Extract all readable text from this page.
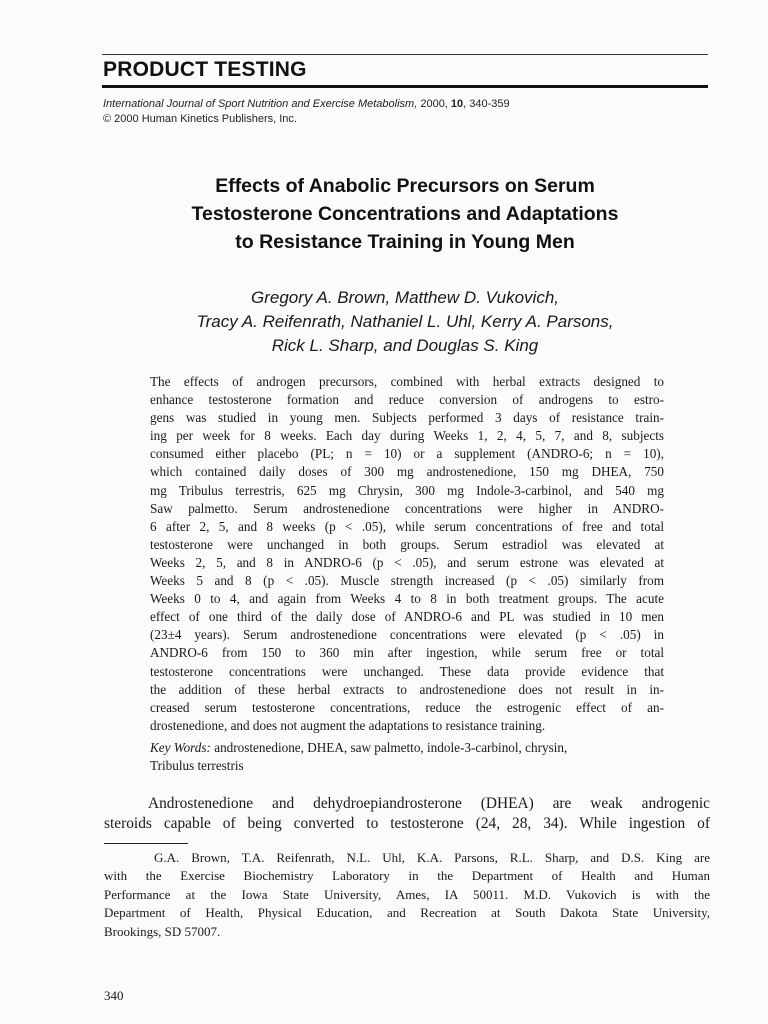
PRODUCT TESTING
International Journal of Sport Nutrition and Exercise Metabolism, 2000, 10, 340-359
© 2000 Human Kinetics Publishers, Inc.
Effects of Anabolic Precursors on Serum
Testosterone Concentrations and Adaptations
to Resistance Training in Young Men
Gregory A. Brown, Matthew D. Vukovich,
Tracy A. Reifenrath, Nathaniel L. Uhl, Kerry A. Parsons,
Rick L. Sharp, and Douglas S. King
The effects of androgen precursors, combined with herbal extracts designed to
enhance testosterone formation and reduce conversion of androgens to estro-
gens was studied in young men. Subjects performed 3 days of resistance train-
ing per week for 8 weeks. Each day during Weeks 1, 2, 4, 5, 7, and 8, subjects
consumed either placebo (PL; n = 10) or a supplement (ANDRO-6; n = 10),
which contained daily doses of 300 mg androstenedione, 150 mg DHEA, 750
mg Tribulus terrestris, 625 mg Chrysin, 300 mg Indole-3-carbinol, and 540 mg
Saw palmetto. Serum androstenedione concentrations were higher in ANDRO-
6 after 2, 5, and 8 weeks (p < .05), while serum concentrations of free and total
testosterone were unchanged in both groups. Serum estradiol was elevated at
Weeks 2, 5, and 8 in ANDRO-6 (p < .05), and serum estrone was elevated at
Weeks 5 and 8 (p < .05). Muscle strength increased (p < .05) similarly from
Weeks 0 to 4, and again from Weeks 4 to 8 in both treatment groups. The acute
effect of one third of the daily dose of ANDRO-6 and PL was studied in 10 men
(23±4 years). Serum androstenedione concentrations were elevated (p < .05) in
ANDRO-6 from 150 to 360 min after ingestion, while serum free or total
testosterone concentrations were unchanged. These data provide evidence that
the addition of these herbal extracts to androstenedione does not result in in-
creased serum testosterone concentrations, reduce the estrogenic effect of an-
drostenedione, and does not augment the adaptations to resistance training.
Key Words: androstenedione, DHEA, saw palmetto, indole-3-carbinol, chrysin,
Tribulus terrestris
Androstenedione and dehydroepiandrosterone (DHEA) are weak androgenic
steroids capable of being converted to testosterone (24, 28, 34). While ingestion of
G.A. Brown, T.A. Reifenrath, N.L. Uhl, K.A. Parsons, R.L. Sharp, and D.S. King are
with the Exercise Biochemistry Laboratory in the Department of Health and Human
Performance at the Iowa State University, Ames, IA 50011. M.D. Vukovich is with the
Department of Health, Physical Education, and Recreation at South Dakota State University,
Brookings, SD 57007.
340
